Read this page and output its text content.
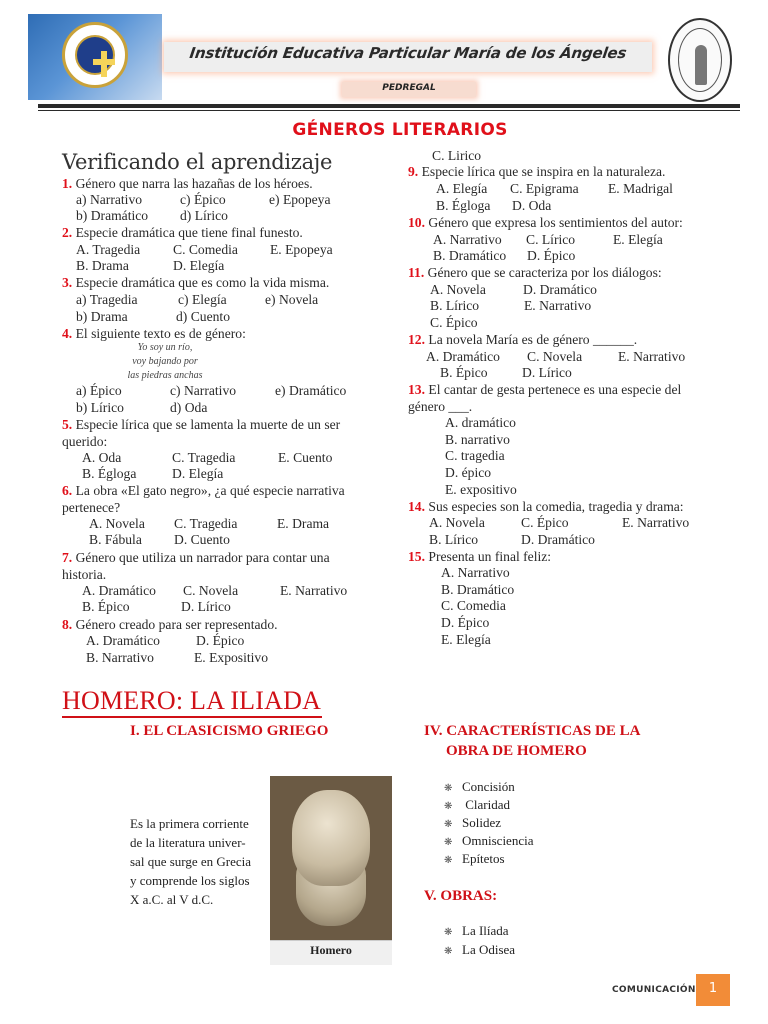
Institución Educativa Particular María de los Ángeles
PEDREGAL
GÉNEROS LITERARIOS
Verificando el aprendizaje
1. Género que narra las hazañas de los héroes.
a) Narrativo	c) Épico	e) Epopeya
b) Dramático d) Lírico
2. Especie dramática que tiene final funesto.
A. Tragedia C. Comedia E. Epopeya
B. Drama	D. Elegía
3. Especie dramática que es como la vida misma.
a) Tragedia	c) Elegía	e) Novela
b) Drama	d) Cuento
4. El siguiente texto es de género:
Yo soy un río,
voy bajando por
las piedras anchas
a) Épico	c) Narrativo	e) Dramático
b) Lírico	d) Oda
5. Especie lírica que se lamenta la muerte de un ser
querido:
A. Oda	C. Tragedia	E. Cuento
B. Égloga	D. Elegía
6. La obra «El gato negro», ¿a qué especie narrativa
pertenece?
A. Novela C. Tragedia	E. Drama
B. Fábula D. Cuento
7. Género que utiliza un narrador para contar una
historia.
A. Dramático C. Novela	E. Narrativo
B. Épico	D. Lírico
8. Género creado para ser representado.
A. Dramático	D. Épico
B. Narrativo	E. Expositivo
C. Lirico
9. Especie lírica que se inspira en la naturaleza.
A. Elegía C. Epigrama E. Madrigal
B. Égloga D. Oda
10. Género que expresa los sentimientos del autor:
A. Narrativo C. Lírico	E. Elegía
B. Dramático D. Épico
11. Género que se caracteriza por los diálogos:
A. Novela	D. Dramático
B. Lírico	E. Narrativo
C. Épico
12. La novela María es de género ______.
A. Dramático C. Novela	E. Narrativo
B. Épico	D. Lírico
13. El cantar de gesta pertenece es una especie del
género ___.
A. dramático
B. narrativo
C. tragedia
D. épico
E. expositivo
14. Sus especies son la comedia, tragedia y drama:
A. Novela	C. Épico	E. Narrativo
B. Lírico	D. Dramático
15. Presenta un final feliz:
A. Narrativo
B. Dramático
C. Comedia
D. Épico
E. Elegía
HOMERO: LA ILIADA
I. EL CLASICISMO GRIEGO
Es la primera corriente
de la literatura univer-
sal que surge en Grecia
y comprende los siglos
X a.C. al V d.C.
Homero
IV. CARACTERÍSTICAS DE LA
OBRA DE HOMERO
❋ Concisión
❋ Claridad
❋ Solidez
❋ Omnisciencia
❋ Epítetos
V. OBRAS:
❋ La Ilíada
❋ La Odisea
COMUNICACIÓN	1
